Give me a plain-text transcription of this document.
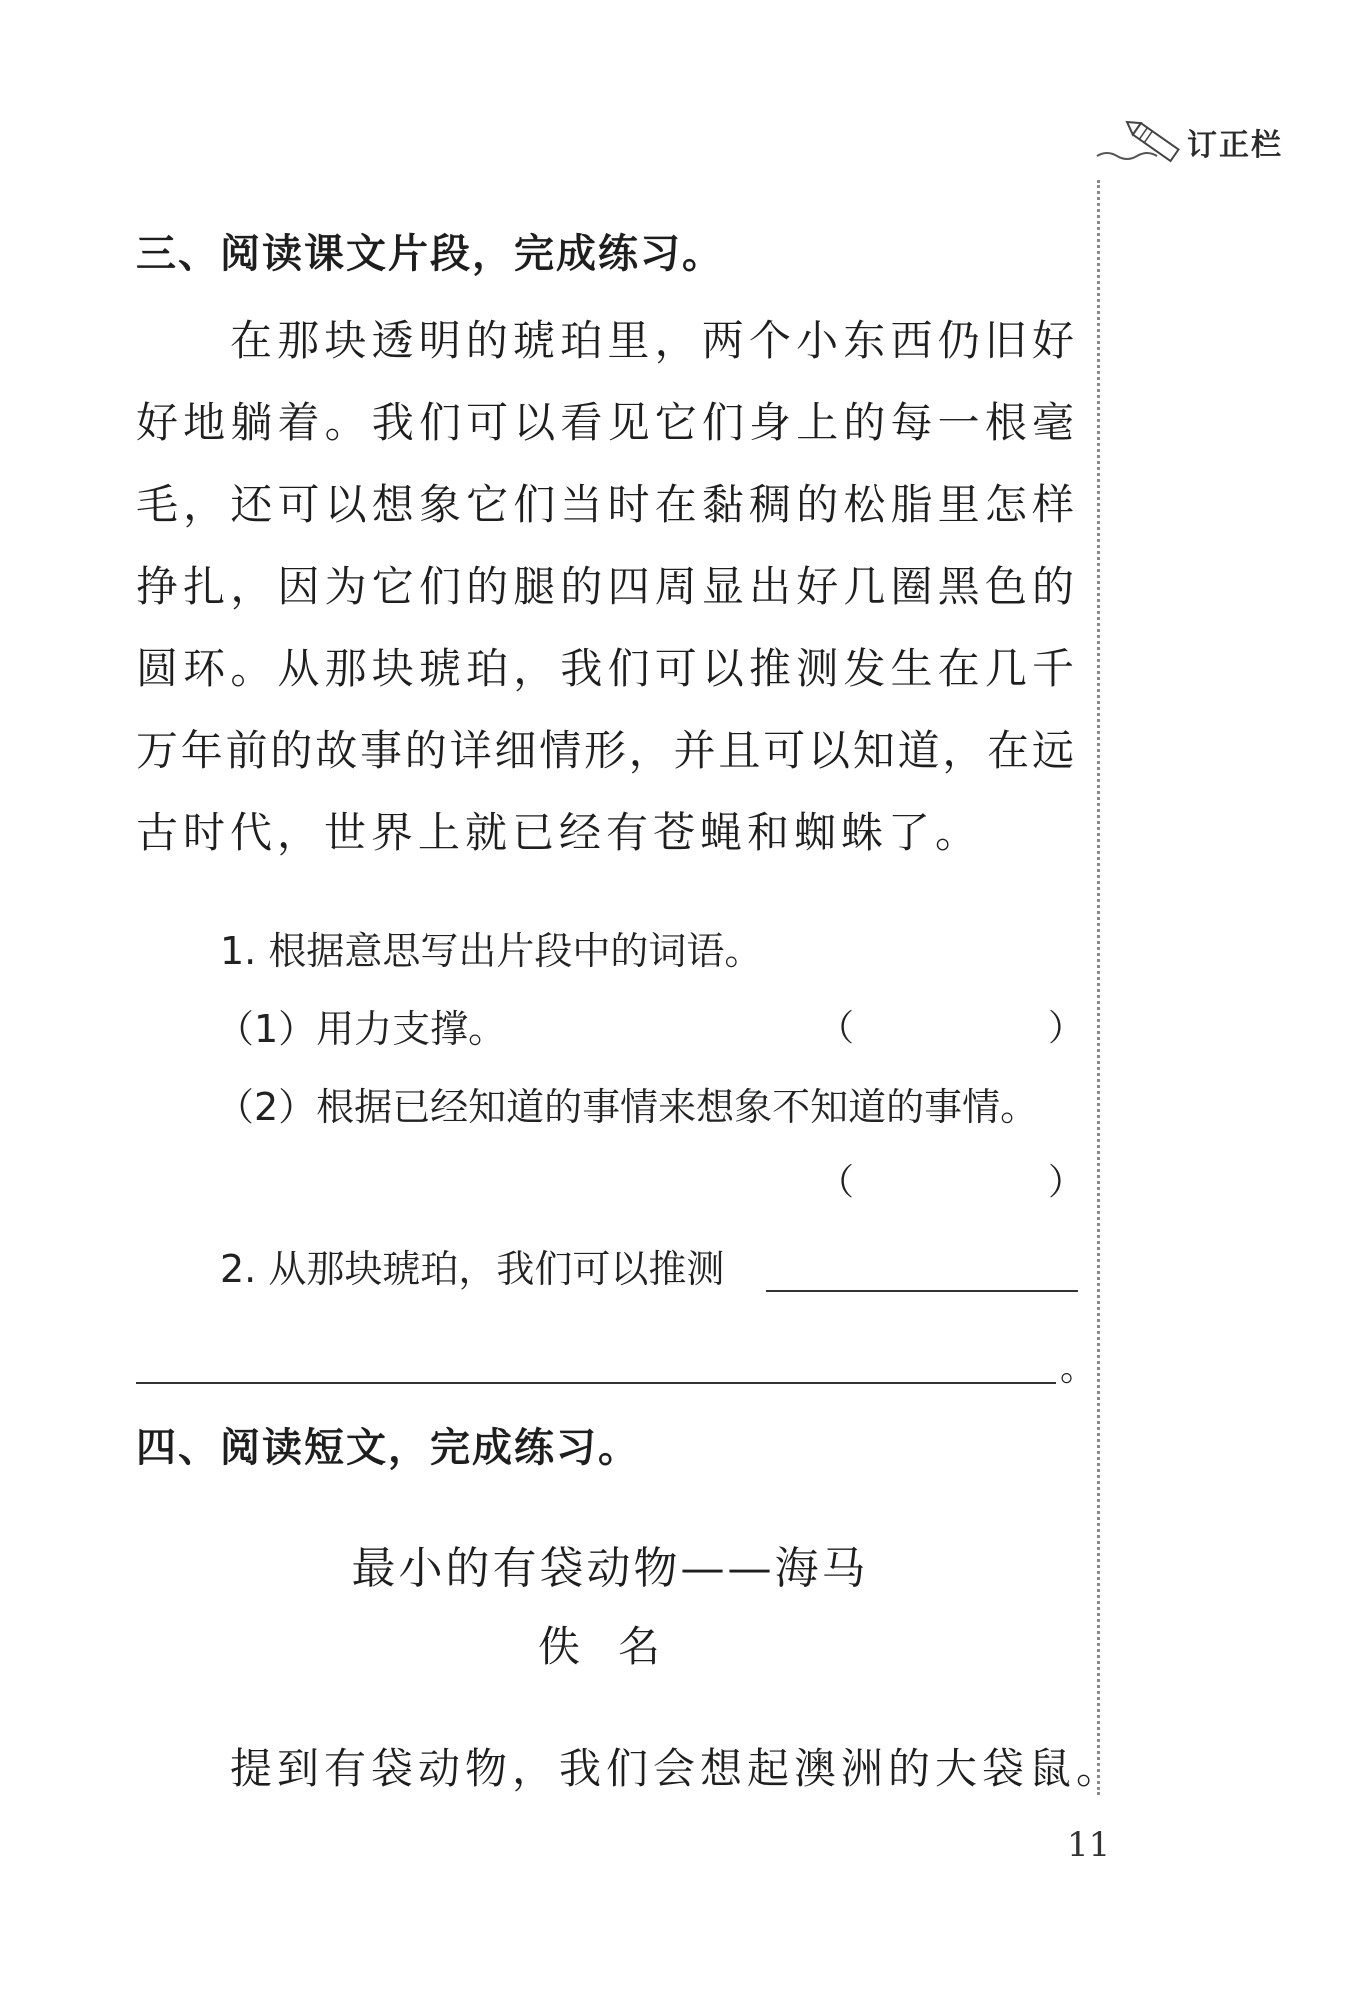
订正栏
三、阅读课文片段，完成练习。
在那块透明的琥珀里，两个小东西仍旧好
好地躺着。我们可以看见它们身上的每一根毫
毛，还可以想象它们当时在黏稠的松脂里怎样
挣扎，因为它们的腿的四周显出好几圈黑色的
圆环。从那块琥珀，我们可以推测发生在几千
万年前的故事的详细情形，并且可以知道，在远
古时代，世界上就已经有苍蝇和蜘蛛了。
1. 根据意思写出片段中的词语。
（1）用力支撑。	（	）
（2）根据已经知道的事情来想象不知道的事情。
（	）
2. 从那块琥珀，我们可以推测
。
四、阅读短文，完成练习。
最小的有袋动物——海马
佚名
提到有袋动物，我们会想起澳洲的大袋鼠。
11
